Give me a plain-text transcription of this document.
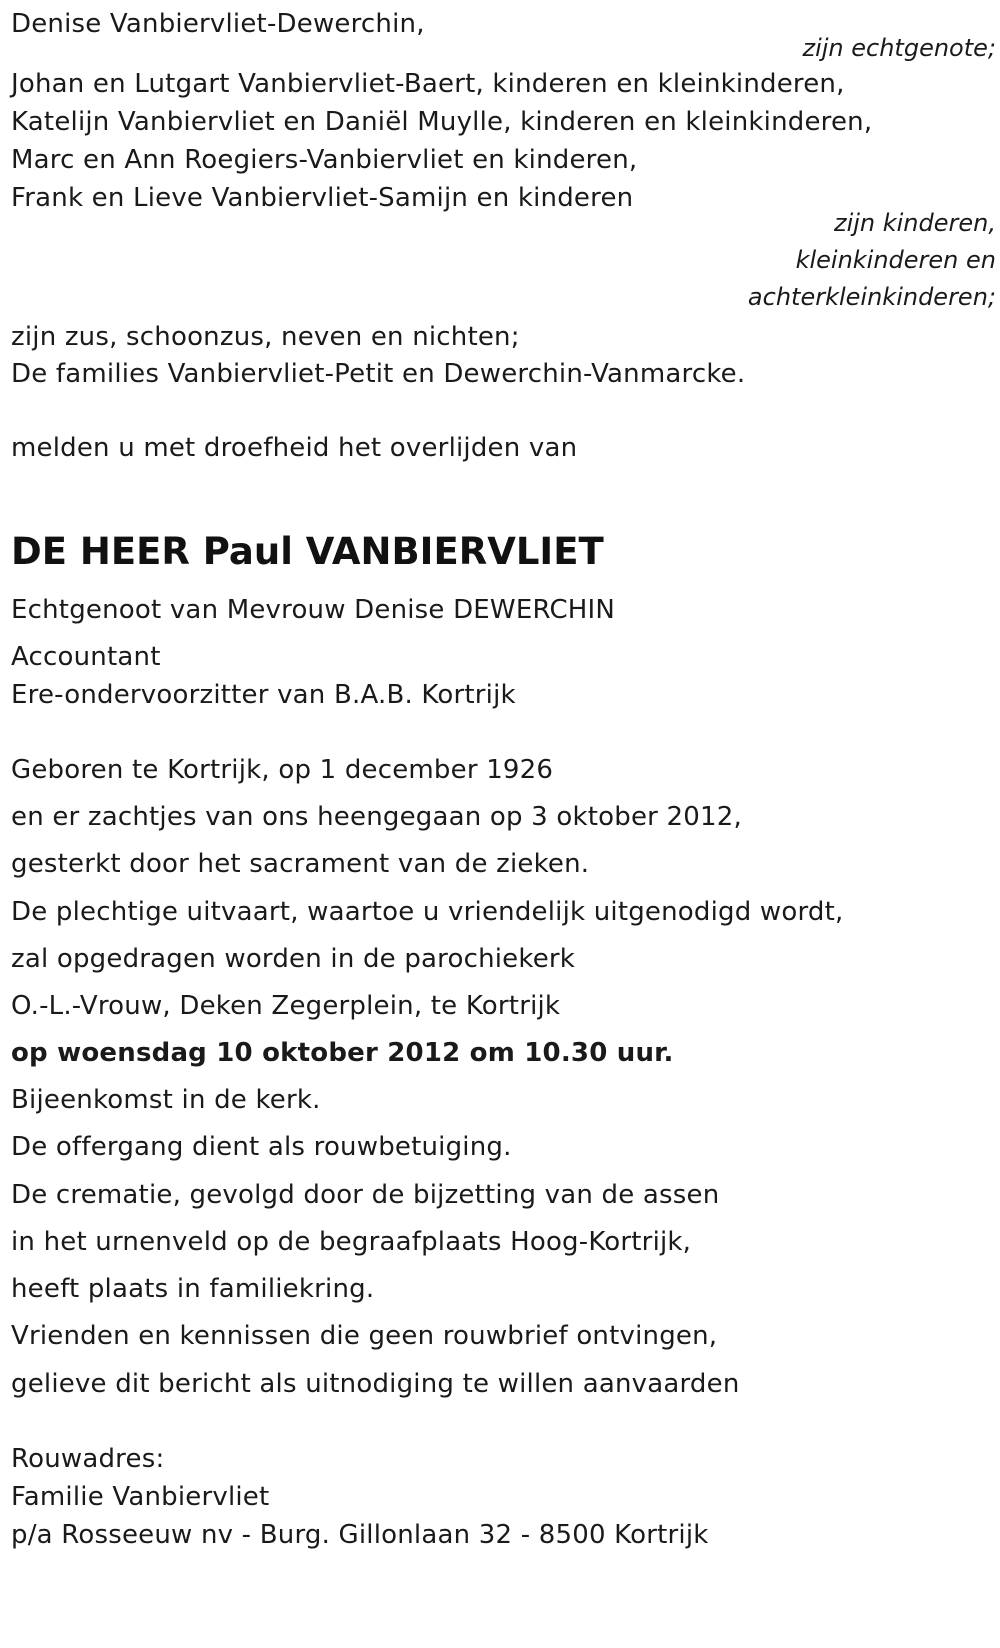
Denise Vanbiervliet-Dewerchin,
zijn echtgenote;
Johan en Lutgart Vanbiervliet-Baert, kinderen en kleinkinderen,
Katelijn Vanbiervliet en Daniël Muylle, kinderen en kleinkinderen,
Marc en Ann Roegiers-Vanbiervliet en kinderen,
Frank en Lieve Vanbiervliet-Samijn en kinderen
zijn kinderen,
kleinkinderen en
achterkleinkinderen;
zijn zus, schoonzus, neven en nichten;
De families Vanbiervliet-Petit en Dewerchin-Vanmarcke.
melden u met droefheid het overlijden van
DE HEER Paul VANBIERVLIET
Echtgenoot van Mevrouw Denise DEWERCHIN
Accountant
Ere-ondervoorzitter van B.A.B. Kortrijk
Geboren te Kortrijk, op 1 december 1926
en er zachtjes van ons heengegaan op 3 oktober 2012,
gesterkt door het sacrament van de zieken.
De plechtige uitvaart, waartoe u vriendelijk uitgenodigd wordt,
zal opgedragen worden in de parochiekerk
O.-L.-Vrouw, Deken Zegerplein, te Kortrijk
op woensdag 10 oktober 2012 om 10.30 uur.
Bijeenkomst in de kerk.
De offergang dient als rouwbetuiging.
De crematie, gevolgd door de bijzetting van de assen
in het urnenveld op de begraafplaats Hoog-Kortrijk,
heeft plaats in familiekring.
Vrienden en kennissen die geen rouwbrief ontvingen,
gelieve dit bericht als uitnodiging te willen aanvaarden
Rouwadres:
Familie Vanbiervliet
p/a Rosseeuw nv - Burg. Gillonlaan 32 - 8500 Kortrijk
